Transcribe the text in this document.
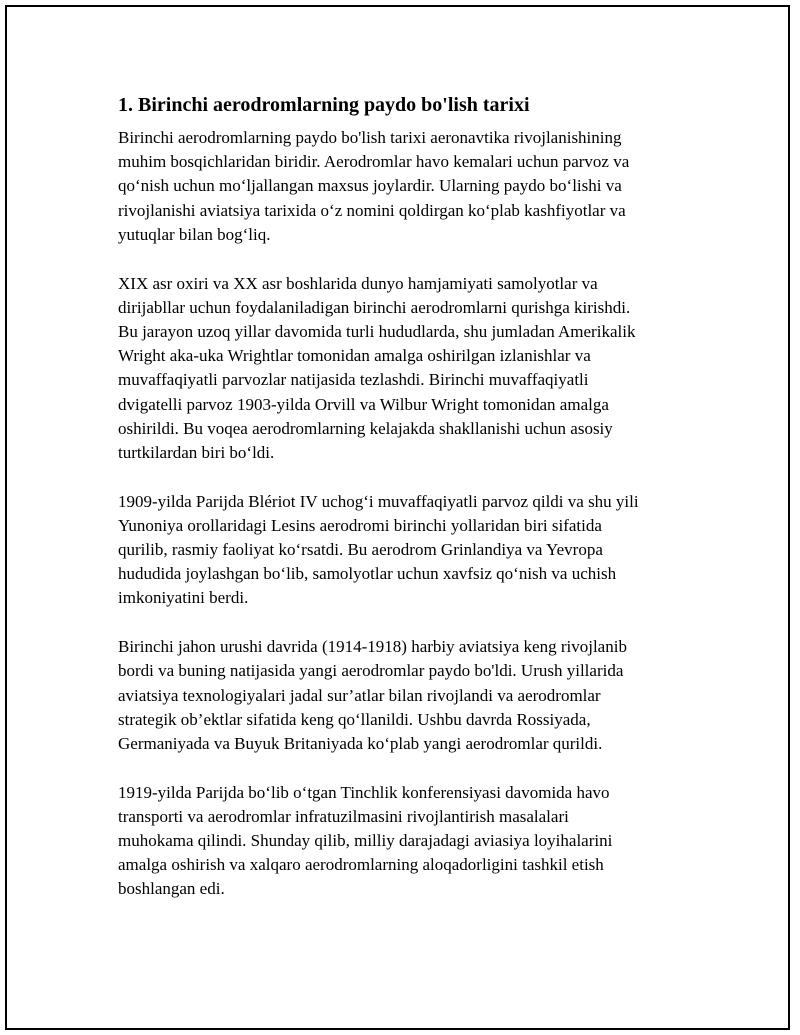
1. Birinchi aerodromlarning paydo bo'lish tarixi
Birinchi aerodromlarning paydo bo'lish tarixi aeronavtika rivojlanishining
muhim bosqichlaridan biridir. Aerodromlar havo kemalari uchun parvoz va
qo‘nish uchun mo‘ljallangan maxsus joylardir. Ularning paydo bo‘lishi va
rivojlanishi aviatsiya tarixida o‘z nomini qoldirgan ko‘plab kashfiyotlar va
yutuqlar bilan bog‘liq.
XIX asr oxiri va XX asr boshlarida dunyo hamjamiyati samolyotlar va
dirijabllar uchun foydalaniladigan birinchi aerodromlarni qurishga kirishdi.
Bu jarayon uzoq yillar davomida turli hududlarda, shu jumladan Amerikalik
Wright aka-uka Wrightlar tomonidan amalga oshirilgan izlanishlar va
muvaffaqiyatli parvozlar natijasida tezlashdi. Birinchi muvaffaqiyatli
dvigatelli parvoz 1903-yilda Orvill va Wilbur Wright tomonidan amalga
oshirildi. Bu voqea aerodromlarning kelajakda shakllanishi uchun asosiy
turtkilardan biri bo‘ldi.
1909-yilda Parijda Blériot IV uchog‘i muvaffaqiyatli parvoz qildi va shu yili
Yunoniya orollaridagi Lesins aerodromi birinchi yollaridan biri sifatida
qurilib, rasmiy faoliyat ko‘rsatdi. Bu aerodrom Grinlandiya va Yevropa
hududida joylashgan bo‘lib, samolyotlar uchun xavfsiz qo‘nish va uchish
imkoniyatini berdi.
Birinchi jahon urushi davrida (1914-1918) harbiy aviatsiya keng rivojlanib
bordi va buning natijasida yangi aerodromlar paydo bo'ldi. Urush yillarida
aviatsiya texnologiyalari jadal sur’atlar bilan rivojlandi va aerodromlar
strategik ob’ektlar sifatida keng qo‘llanildi. Ushbu davrda Rossiyada,
Germaniyada va Buyuk Britaniyada ko‘plab yangi aerodromlar qurildi.
1919-yilda Parijda bo‘lib o‘tgan Tinchlik konferensiyasi davomida havo
transporti va aerodromlar infratuzilmasini rivojlantirish masalalari
muhokama qilindi. Shunday qilib, milliy darajadagi aviasiya loyihalarini
amalga oshirish va xalqaro aerodromlarning aloqadorligini tashkil etish
boshlangan edi.
